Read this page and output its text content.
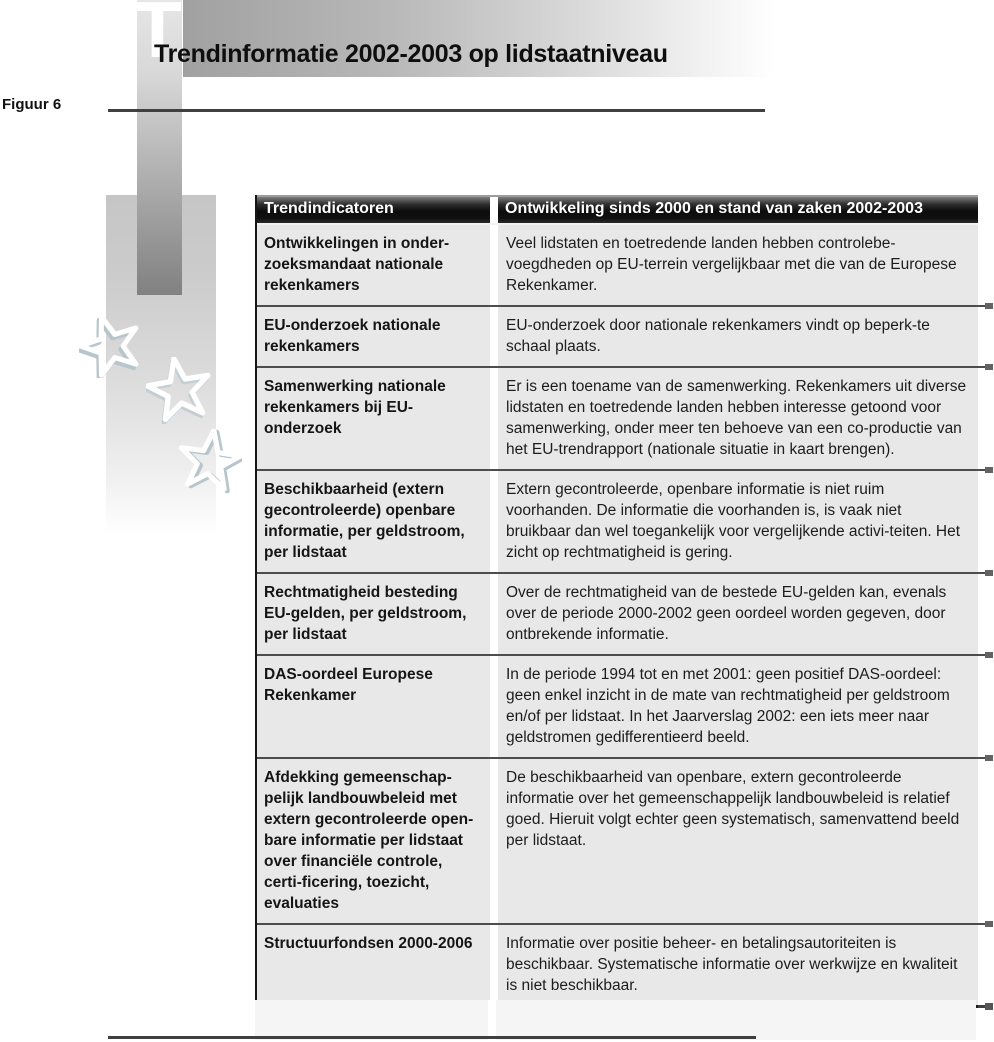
T
Trendinformatie 2002-2003 op lidstaatniveau
Figuur 6
Trendindicatoren	Ontwikkeling sinds 2000 en stand van zaken 2002-2003
Ontwikkelingen in onder-zoeksmandaat nationale rekenkamers
Veel lidstaten en toetredende landen hebben controlebe-voegdheden op EU-terrein vergelijkbaar met die van de Europese Rekenkamer.
EU-onderzoek nationale rekenkamers
EU-onderzoek door nationale rekenkamers vindt op beperk-te schaal plaats.
Samenwerking nationale rekenkamers bij EU-onderzoek
Er is een toename van de samenwerking. Rekenkamers uit diverse lidstaten en toetredende landen hebben interesse getoond voor samenwerking, onder meer ten behoeve van een co-productie van het EU-trendrapport (nationale situatie in kaart brengen).
Beschikbaarheid (extern gecontroleerde) openbare informatie, per geldstroom, per lidstaat
Extern gecontroleerde, openbare informatie is niet ruim voorhanden. De informatie die voorhanden is, is vaak niet bruikbaar dan wel toegankelijk voor vergelijkende activi-teiten. Het zicht op rechtmatigheid is gering.
Rechtmatigheid besteding EU-gelden, per geldstroom, per lidstaat
Over de rechtmatigheid van de bestede EU-gelden kan, evenals over de periode 2000-2002 geen oordeel worden gegeven, door ontbrekende informatie.
DAS-oordeel Europese Rekenkamer
In de periode 1994 tot en met 2001: geen positief DAS-oordeel: geen enkel inzicht in de mate van rechtmatigheid per geldstroom en/of per lidstaat. In het Jaarverslag 2002: een iets meer naar geldstromen gedifferentieerd beeld.
Afdekking gemeenschap-pelijk landbouwbeleid met extern gecontroleerde open-bare informatie per lidstaat over financiële controle, certi-ficering, toezicht, evaluaties
De beschikbaarheid van openbare, extern gecontroleerde informatie over het gemeenschappelijk landbouwbeleid is relatief goed. Hieruit volgt echter geen systematisch, samenvattend beeld per lidstaat.
Structuurfondsen 2000-2006	Informatie over positie beheer- en betalingsautoriteiten is beschikbaar. Systematische informatie over werkwijze en kwaliteit is niet beschikbaar.
